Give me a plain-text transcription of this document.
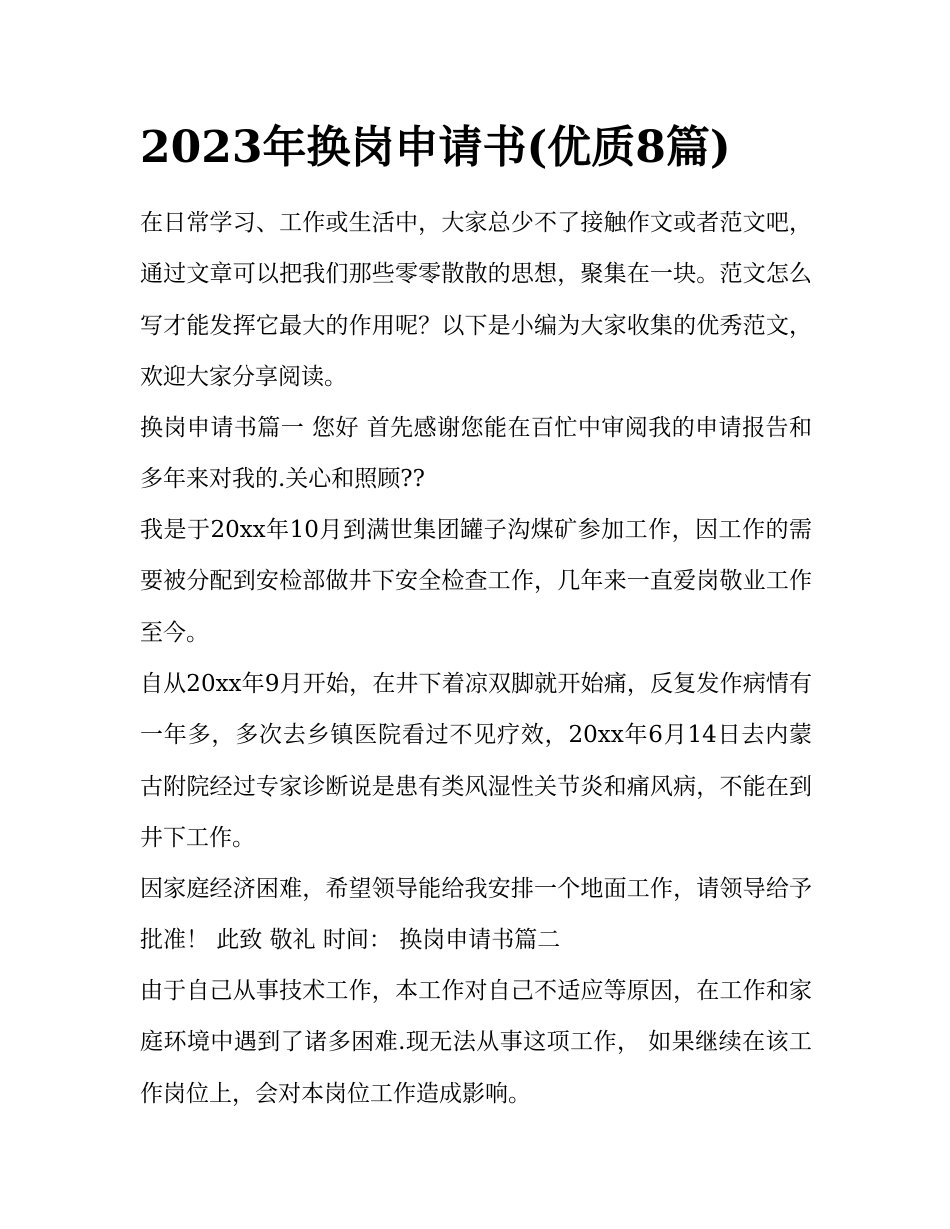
2023年换岗申请书(优质8篇)

在日常学习、工作或生活中，大家总少不了接触作文或者范文吧，通过文章可以把我们那些零零散散的思想，聚集在一块。范文怎么写才能发挥它最大的作用呢？以下是小编为大家收集的优秀范文，欢迎大家分享阅读。

换岗申请书篇一 您好 首先感谢您能在百忙中审阅我的申请报告和多年来对我的.关心和照顾??

我是于20xx年10月到满世集团罐子沟煤矿参加工作，因工作的需要被分配到安检部做井下安全检查工作，几年来一直爱岗敬业工作至今。

自从20xx年9月开始，在井下着凉双脚就开始痛，反复发作病情有一年多，多次去乡镇医院看过不见疗效，20xx年6月14日去内蒙古附院经过专家诊断说是患有类风湿性关节炎和痛风病，不能在到井下工作。

因家庭经济困难，希望领导能给我安排一个地面工作，请领导给予批准！ 此致 敬礼 时间： 换岗申请书篇二

由于自己从事技术工作，本工作对自己不适应等原因，在工作和家庭环境中遇到了诸多困难.现无法从事这项工作， 如果继续在该工作岗位上，会对本岗位工作造成影响。
